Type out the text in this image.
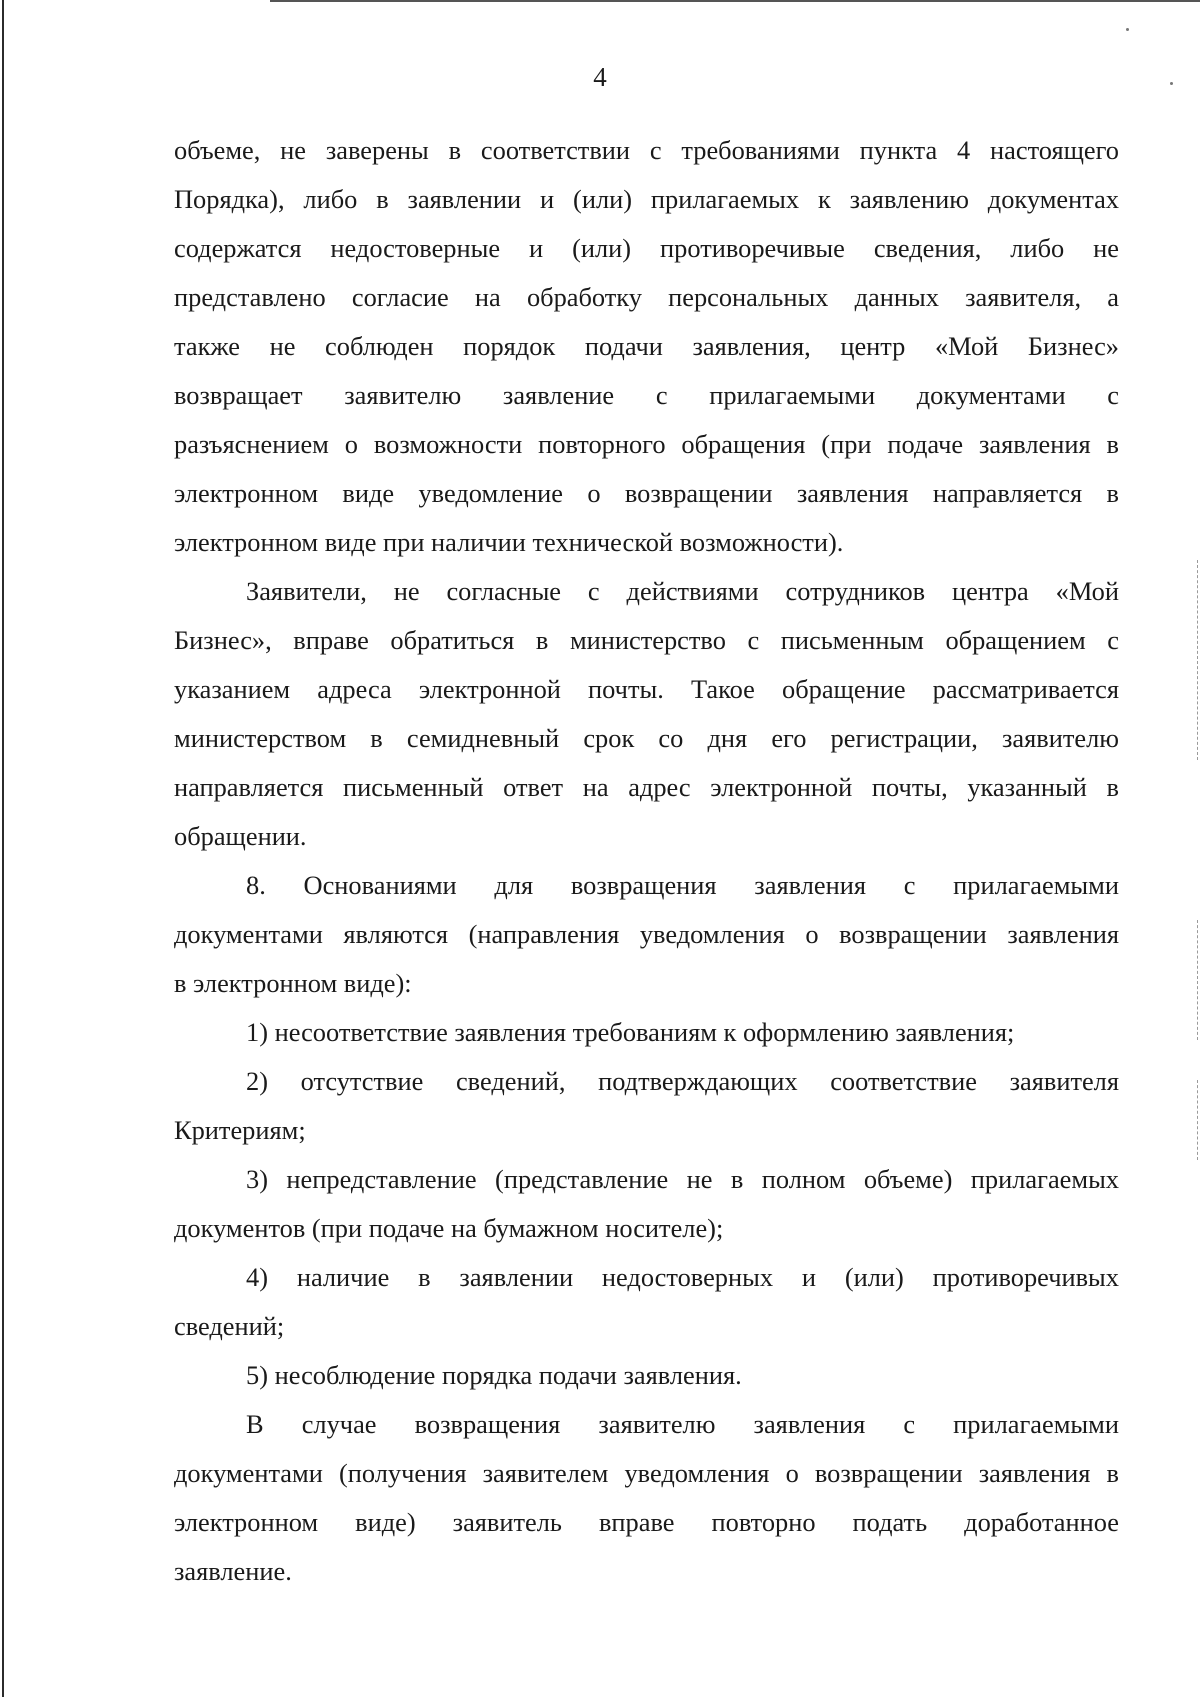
4
объеме, не заверены в соответствии с требованиями пункта 4 настоящего
Порядка), либо в заявлении и (или) прилагаемых к заявлению документах
содержатся недостоверные и (или) противоречивые сведения, либо не
представлено согласие на обработку персональных данных заявителя, а
также не соблюден порядок подачи заявления, центр «Мой Бизнес»
возвращает заявителю заявление с прилагаемыми документами с
разъяснением о возможности повторного обращения (при подаче заявления в
электронном виде уведомление о возвращении заявления направляется в
электронном виде при наличии технической возможности).
Заявители, не согласные с действиями сотрудников центра «Мой
Бизнес», вправе обратиться в министерство с письменным обращением с
указанием адреса электронной почты. Такое обращение рассматривается
министерством в семидневный срок со дня его регистрации, заявителю
направляется письменный ответ на адрес электронной почты, указанный в
обращении.
8. Основаниями для возвращения заявления с прилагаемыми
документами являются (направления уведомления о возвращении заявления
в электронном виде):
1) несоответствие заявления требованиям к оформлению заявления;
2) отсутствие сведений, подтверждающих соответствие заявителя
Критериям;
3) непредставление (представление не в полном объеме) прилагаемых
документов (при подаче на бумажном носителе);
4) наличие в заявлении недостоверных и (или) противоречивых
сведений;
5) несоблюдение порядка подачи заявления.
В случае возвращения заявителю заявления с прилагаемыми
документами (получения заявителем уведомления о возвращении заявления в
электронном виде) заявитель вправе повторно подать доработанное
заявление.
